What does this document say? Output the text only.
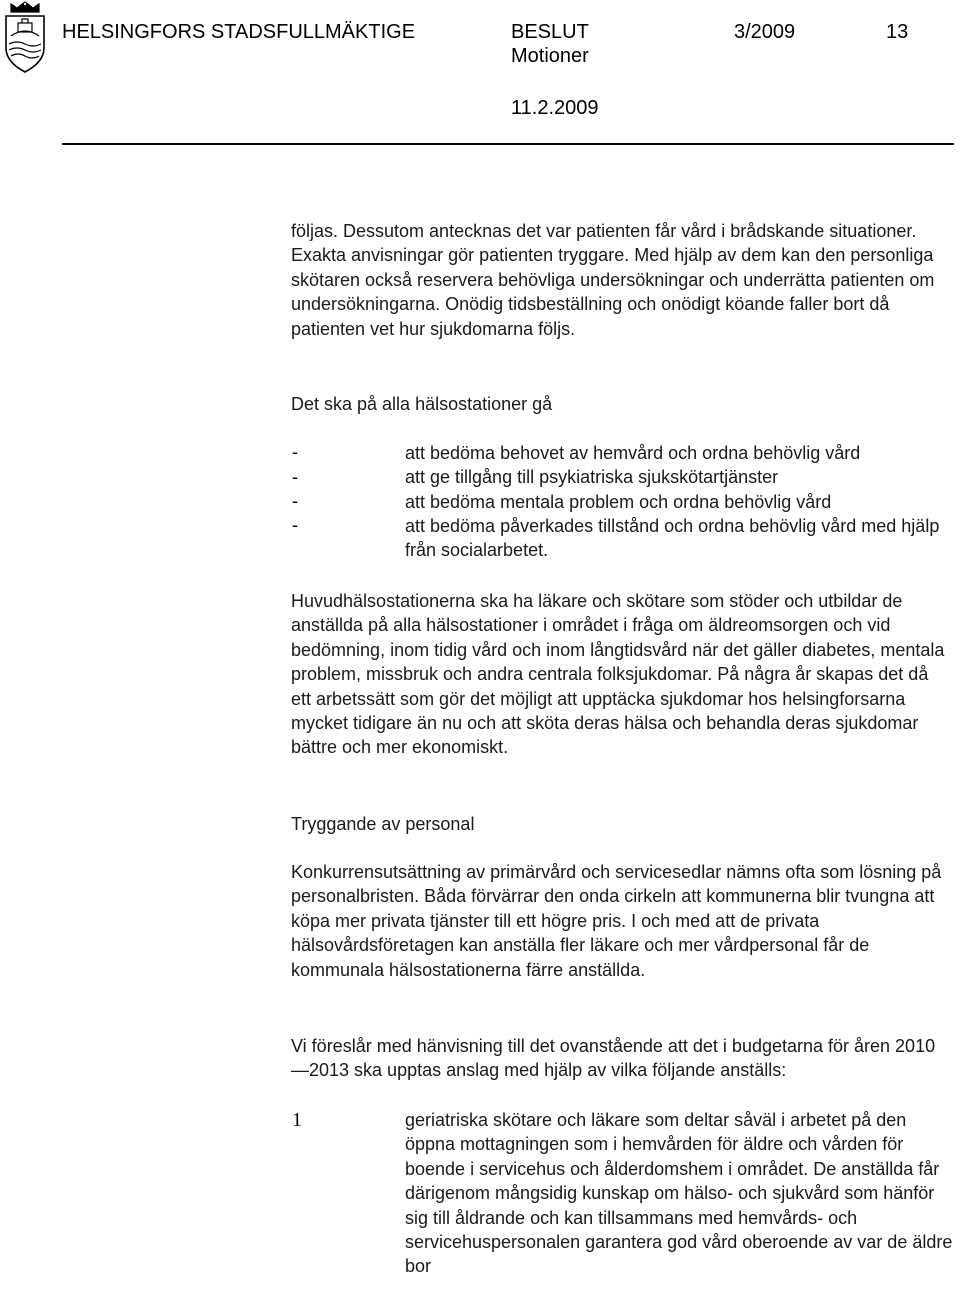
HELSINGFORS STADSFULLMÄKTIGE	BESLUT
Motioner
3/2009	13
11.2.2009

följas. Dessutom antecknas det var patienten får vård i brådskande situationer. Exakta anvisningar gör patienten tryggare. Med hjälp av dem kan den personliga skötaren också reservera behövliga undersökningar och underrätta patienten om undersökningarna. Onödig tidsbeställning och onödigt köande faller bort då patienten vet hur sjukdomarna följs.

Det ska på alla hälsostationer gå

-	att bedöma behovet av hemvård och ordna behövlig vård

-	att ge tillgång till psykiatriska sjukskötartjänster

-	att bedöma mentala problem och ordna behövlig vård

-	att bedöma påverkades tillstånd och ordna behövlig vård med hjälp från socialarbetet.

Huvudhälsostationerna ska ha läkare och skötare som stöder och utbildar de anställda på alla hälsostationer i området i fråga om äldreomsorgen och vid bedömning, inom tidig vård och inom långtidsvård när det gäller diabetes, mentala problem, missbruk och andra centrala folksjukdomar. På några år skapas det då ett arbetssätt som gör det möjligt att upptäcka sjukdomar hos helsingforsarna mycket tidigare än nu och att sköta deras hälsa och behandla deras sjukdomar bättre och mer ekonomiskt.

Tryggande av personal

Konkurrensutsättning av primärvård och servicesedlar nämns ofta som lösning på personalbristen. Båda förvärrar den onda cirkeln att kommunerna blir tvungna att köpa mer privata tjänster till ett högre pris. I och med att de privata hälsovårdsföretagen kan anställa fler läkare och mer vårdpersonal får de kommunala hälsostationerna färre anställda.

Vi föreslår med hänvisning till det ovanstående att det i budgetarna för åren 2010—2013 ska upptas anslag med hjälp av vilka följande anställs:

1	geriatriska skötare och läkare som deltar såväl i arbetet på den öppna mottagningen som i hemvården för äldre och vården för boende i servicehus och ålderdomshem i området. De anställda får därigenom mångsidig kunskap om hälso- och sjukvård som hänför sig till åldrande och kan tillsammans med hemvårds- och servicehuspersonalen garantera god vård oberoende av var de äldre bor
